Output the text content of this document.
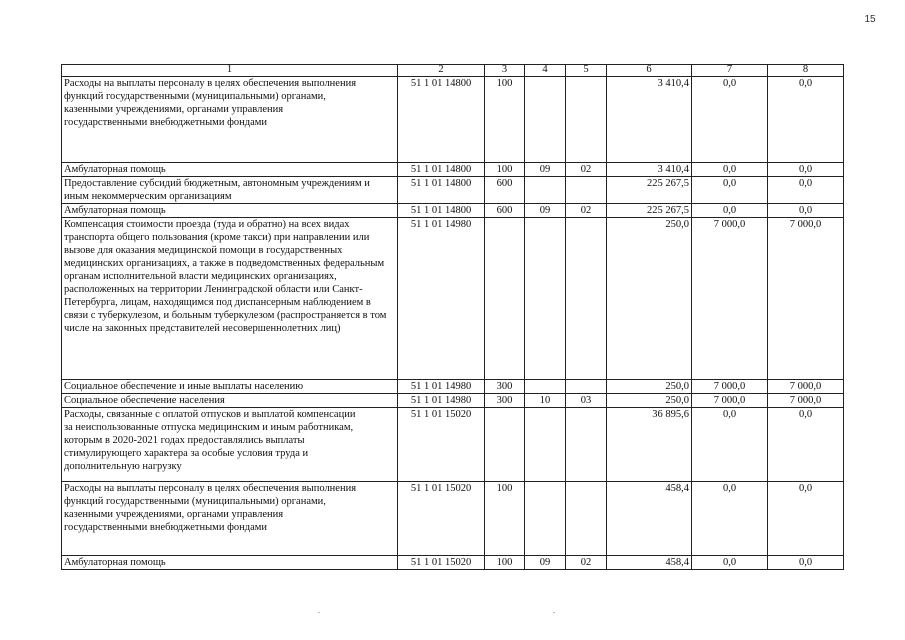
15
1	2	3	4	5	6	7	8

Расходы на выплаты персоналу в целях обеспечения выполнения функций государственными (муниципальными) органами, казенными учреждениями, органами управления государственными внебюджетными фондами	51 1 01 14800	100			3 410,4	0,0	0,0
Амбулаторная помощь	51 1 01 14800	100	09	02	3 410,4	0,0	0,0
Предоставление субсидий бюджетным, автономным учреждениям и иным некоммерческим организациям	51 1 01 14800	600			225 267,5	0,0	0,0
Амбулаторная помощь	51 1 01 14800	600	09	02	225 267,5	0,0	0,0
Компенсация стоимости проезда (туда и обратно) на всех видах транспорта общего пользования (кроме такси) при направлении или вызове для оказания медицинской помощи в государственных медицинских организациях, а также в подведомственных федеральным органам исполнительной власти медицинских организациях, расположенных на территории Ленинградской области или Санкт-Петербурга, лицам, находящимся под диспансерным наблюдением в связи с туберкулезом, и больным туберкулезом (распространяется в том числе на законных представителей несовершеннолетних лиц)	51 1 01 14980				250,0	7 000,0	7 000,0
Социальное обеспечение и иные выплаты населению	51 1 01 14980	300			250,0	7 000,0	7 000,0
Социальное обеспечение населения	51 1 01 14980	300	10	03	250,0	7 000,0	7 000,0

Расходы, связанные с оплатой отпусков и выплатой компенсации за неиспользованные отпуска медицинским и иным работникам, которым в 2020-2021 годах предоставлялись выплаты стимулирующего характера за особые условия труда и дополнительную нагрузку	51 1 01 15020				36 895,6	0,0	0,0

Расходы на выплаты персоналу в целях обеспечения выполнения функций государственными (муниципальными) органами, казенными учреждениями, органами управления государственными внебюджетными фондами	51 1 01 15020	100			458,4	0,0	0,0
Амбулаторная помощь	51 1 01 15020	100	09	02	458,4	0,0	0,0
